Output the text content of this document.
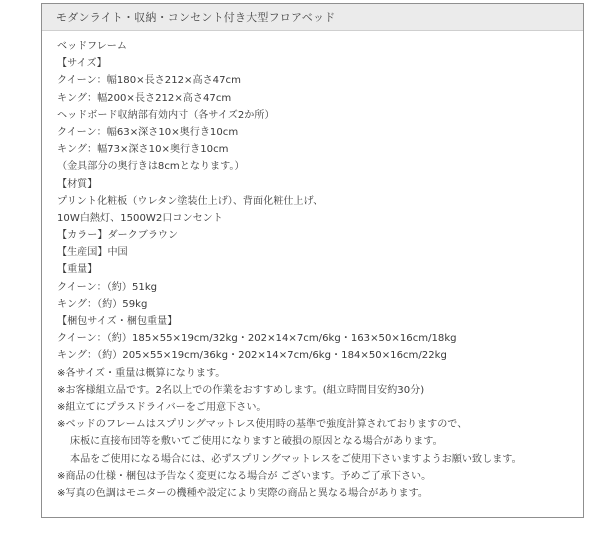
モダンライト・収納・コンセント付き大型フロアベッド
ベッドフレーム
【サイズ】
クイーン：幅180×長さ212×高さ47cm
キング：幅200×長さ212×高さ47cm
ヘッドボード収納部有効内寸（各サイズ2か所）
クイーン：幅63×深さ10×奥行き10cm
キング：幅73×深さ10×奥行き10cm
（金具部分の奥行きは8cmとなります。）
【材質】
プリント化粧板（ウレタン塗装仕上げ）、背面化粧仕上げ、
10W白熱灯、1500W2口コンセント
【カラー】ダークブラウン
【生産国】中国
【重量】
クイーン：（約）51kg
キング：（約）59kg
【梱包サイズ・梱包重量】
クイーン：（約）185×55×19cm/32kg・202×14×7cm/6kg・163×50×16cm/18kg
キング：（約）205×55×19cm/36kg・202×14×7cm/6kg・184×50×16cm/22kg
※各サイズ・重量は概算になります。
※お客様組立品です。2名以上での作業をおすすめします。(組立時間目安約30分)
※組立てにプラスドライバーをご用意下さい。
※ベッドのフレームはスプリングマットレス使用時の基準で強度計算されておりますので、
床板に直接布団等を敷いてご使用になりますと破損の原因となる場合があります。
本品をご使用になる場合には、必ずスプリングマットレスをご使用下さいますようお願い致します。
※商品の仕様・梱包は予告なく変更になる場合が ございます。予めご了承下さい。
※写真の色調はモニターの機種や設定により実際の商品と異なる場合があります。
